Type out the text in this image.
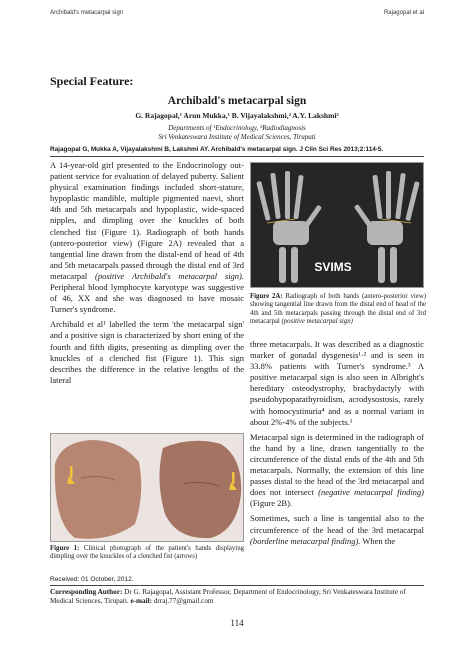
Archibald's metacarpal sign	Rajagopal et al
Special Feature:
Archibald's metacarpal sign
G. Rajagopal,¹ Arun Mukka,¹ B. Vijayalakshmi,² A.Y. Lakshmi²
Departments of ¹Endocrinology, ²Radiodiagnosis
Sri Venkateswara Institute of Medical Sciences, Tirupati
Rajagopal G, Mukka A, Vijayalakshmi B, Lakshmi AY. Archibald's metacarpal sign. J Clin Sci Res 2013;2:114-5.

A 14-year-old girl presented to the Endocrinology out-patient service for evaluation of delayed puberty. Salient physical examination findings included short-stature, hypoplastic mandible, multiple pigmented naevi, short 4th and 5th metacarpals and hypoplastic, wide-spaced nipples, and dimpling over the knuckles of both clenched fist (Figure 1). Radiograph of both hands (antero-posterior view) (Figure 2A) revealed that a tangential line drawn from the distal-end of head of 4th and 5th metacarpals passed through the distal end of 3rd metacarpal (positive Archibald's metacarpal sign). Peripheral blood lymphocyte karyotype was suggestive of 46, XX and she was diagnosed to have mosaic Turner's syndrome.

Archibald et al¹ labelled the term 'the metacarpal sign' and a positive sign is characterized by short ening of the fourth and fifth digits, presenting as dimpling over the knuckles of a clenched fist (Figure 1). This sign describes the difference in the relative lengths of the lateral

SVIMS
Figure 2A: Radiograph of both hands (antero-posterior view) showing tangential line drawn from the distal end of head of the 4th and 5th metacarpals passing through the distal end of 3rd metacarpal (positive metacarpal sign)

three metacarpals. It was described as a diagnostic marker of gonadal dysgenesis¹·² and is seen in 33.8% patients with Turner's syndrome.³ A positive metacarpal sign is also seen in Albright's hereditary osteodystrophy, brachydactyly with pseudohypoparathyroidism, acrodysostosis, rarely with homocystinuria⁴ and as a normal variant in about 2%-4% of the subjects.¹

Metacarpal sign is determined in the radiograph of the hand by a line, drawn tangentially to the circumference of the distal ends of the 4th and 5th metacarpals. Normally, the extension of this line passes distal to the head of the 3rd metacarpal and does not intersect (negative metacarpal finding) (Figure 2B).

Sometimes, such a line is tangential also to the circumference of the head of the 3rd metacarpal (borderline metacarpal finding). When the

Figure 1: Clinical photograph of the patient's hands displaying dimpling over the knuckles of a clenched fist (arrows)
Received: 01 October, 2012.
Corresponding Author: Dr G. Rajagopal, Assistant Professor, Department of Endocrinology, Sri Venkateswara Institute of Medical Sciences, Tirupati. e-mail: drraj.77@gmail.com
114
